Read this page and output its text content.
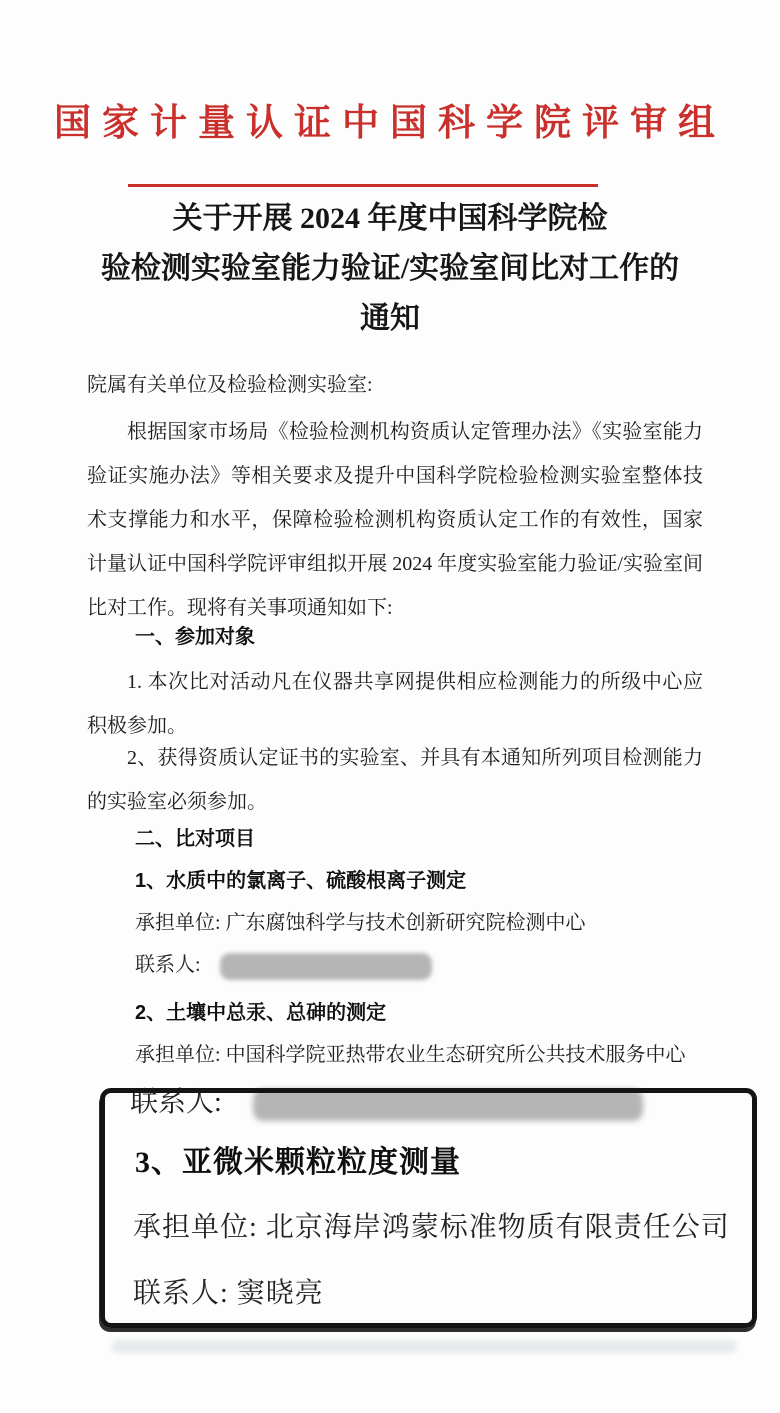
国家计量认证中国科学院评审组
关于开展 2024 年度中国科学院检
验检测实验室能力验证/实验室间比对工作的
通知
院属有关单位及检验检测实验室:
根据国家市场局《检验检测机构资质认定管理办法》《实验室能力验证实施办法》等相关要求及提升中国科学院检验检测实验室整体技术支撑能力和水平，保障检验检测机构资质认定工作的有效性，国家计量认证中国科学院评审组拟开展 2024 年度实验室能力验证/实验室间比对工作。现将有关事项通知如下:
一、参加对象
1. 本次比对活动凡在仪器共享网提供相应检测能力的所级中心应积极参加。
2、获得资质认定证书的实验室、并具有本通知所列项目检测能力的实验室必须参加。
二、比对项目
1、水质中的氯离子、硫酸根离子测定
承担单位: 广东腐蚀科学与技术创新研究院检测中心
联系人:
2、土壤中总汞、总砷的测定
承担单位: 中国科学院亚热带农业生态研究所公共技术服务中心
联系人:
3、亚微米颗粒粒度测量
承担单位: 北京海岸鸿蒙标准物质有限责任公司
联系人: 窦晓亮
